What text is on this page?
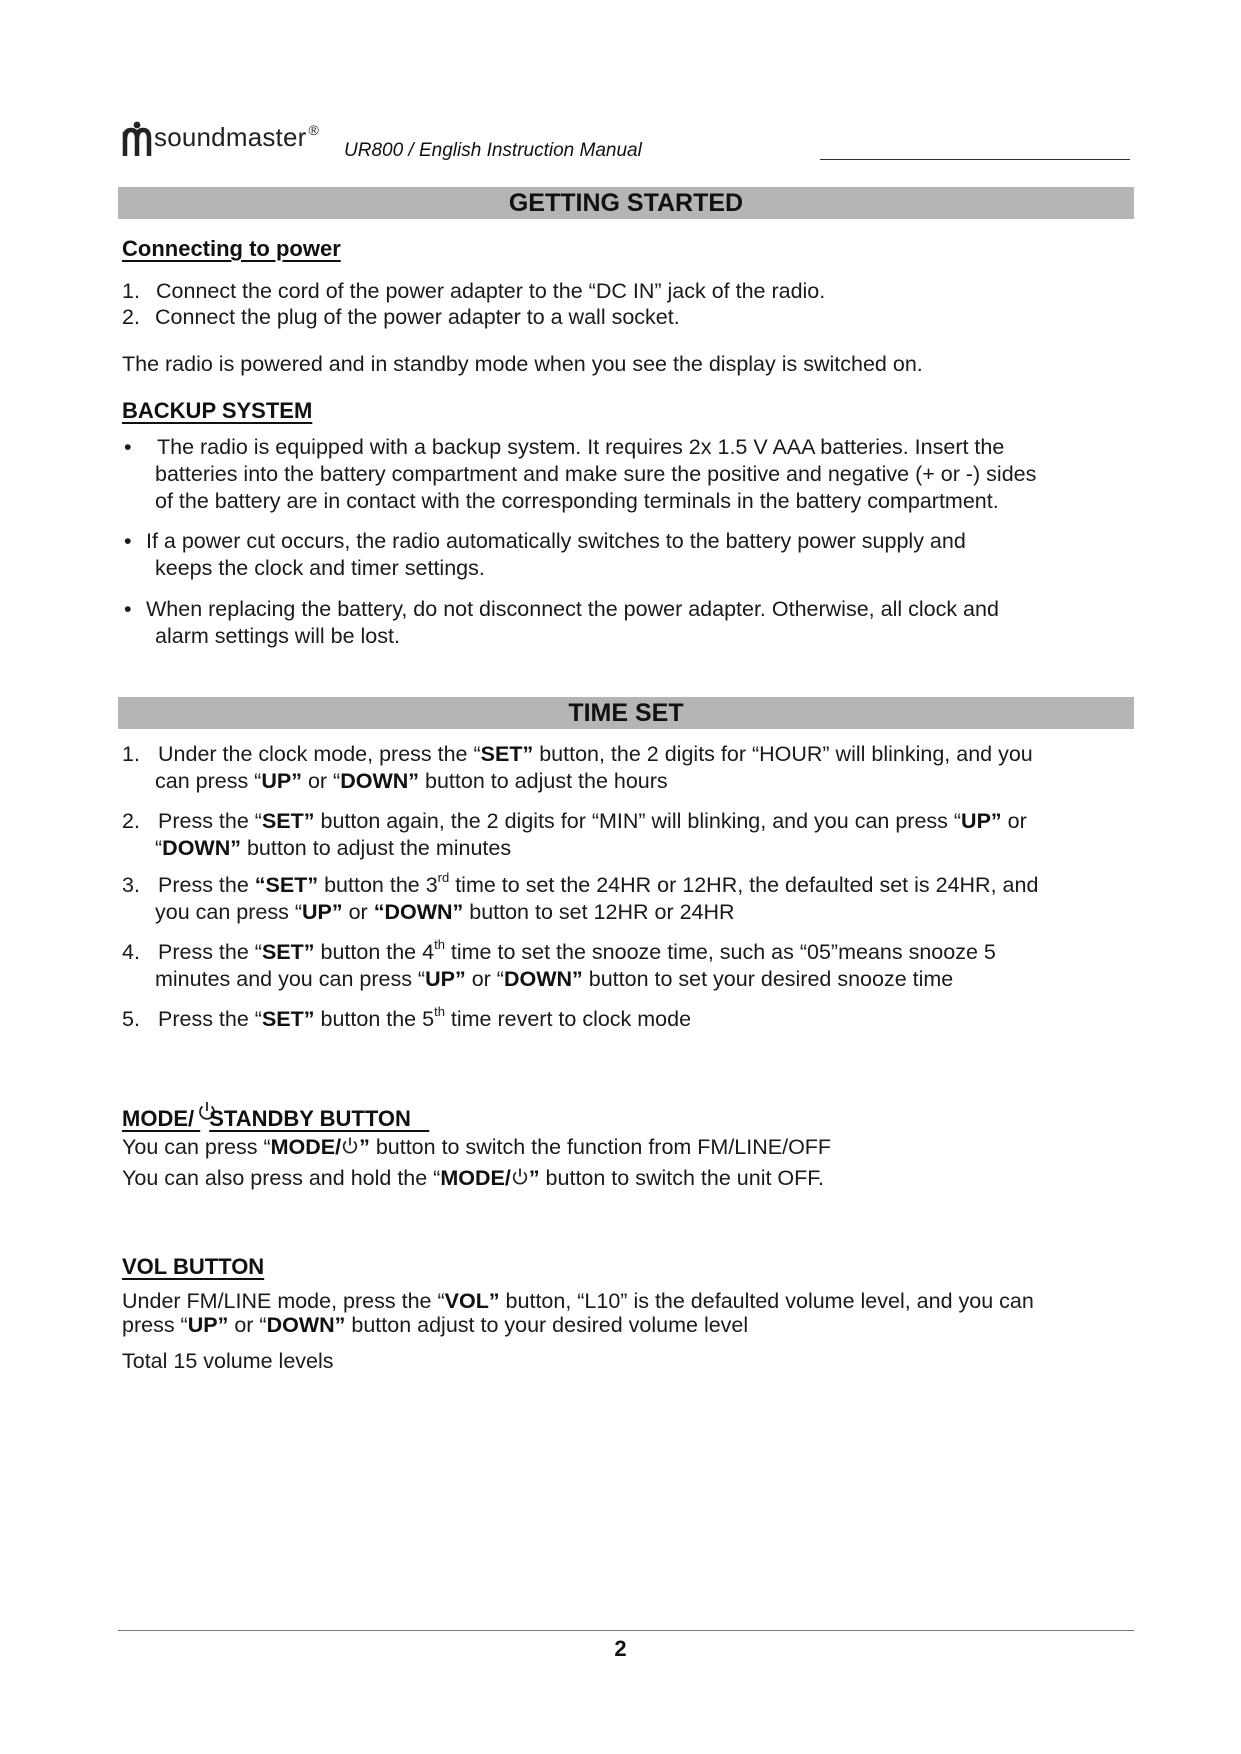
soundmaster ®
UR800 / English Instruction Manual
GETTING STARTED
Connecting to power
1. Connect the cord of the power adapter to the “DC IN” jack of the radio.
2. Connect the plug of the power adapter to a wall socket.
The radio is powered and in standby mode when you see the display is switched on.
BACKUP SYSTEM
• The radio is equipped with a backup system. It requires 2x 1.5 V AAA batteries. Insert the
batteries into the battery compartment and make sure the positive and negative (+ or -) sides
of the battery are in contact with the corresponding terminals in the battery compartment.
• If a power cut occurs, the radio automatically switches to the battery power supply and
keeps the clock and timer settings.
• When replacing the battery, do not disconnect the power adapter. Otherwise, all clock and
alarm settings will be lost.
TIME SET
1. Under the clock mode, press the “SET” button, the 2 digits for “HOUR” will blinking, and you
can press “UP” or “DOWN” button to adjust the hours
2. Press the “SET” button again, the 2 digits for “MIN” will blinking, and you can press “UP” or
“DOWN” button to adjust the minutes
3. Press the “SET” button the 3rd time to set the 24HR or 12HR, the defaulted set is 24HR, and
you can press “UP” or “DOWN” button to set 12HR or 24HR
4. Press the “SET” button the 4th time to set the snooze time, such as “05”means snooze 5
minutes and you can press “UP” or “DOWN” button to set your desired snooze time
5. Press the “SET” button the 5th time revert to clock mode
MODE/ STANDBY BUTTON
You can press “MODE/ ” button to switch the function from FM/LINE/OFF
You can also press and hold the “MODE/ ” button to switch the unit OFF.
VOL BUTTON
Under FM/LINE mode, press the “VOL” button, “L10” is the defaulted volume level, and you can
press “UP” or “DOWN” button adjust to your desired volume level
Total 15 volume levels
2
